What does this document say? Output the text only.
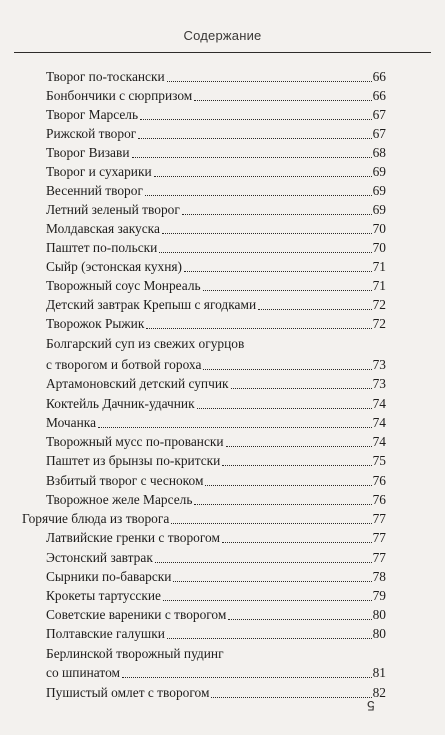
Содержание
Творог по-тоскански	66
Бонбончики с сюрпризом	66
Творог Марсель	67
Рижской творог	67
Творог Визави	68
Творог и сухарики	69
Весенний творог	69
Летний зеленый творог	69
Молдавская закуска	70
Паштет по-польски	70
Сыйр (эстонская кухня)	71
Творожный соус Монреаль	71
Детский завтрак Крепыш с ягодками	72
Творожок Рыжик	72
Болгарский суп из свежих огурцов
с творогом и ботвой гороха	73
Артамоновский детский супчик	73
Коктейль Дачник-удачник	74
Мочанка	74
Творожный мусс по-провански	74
Паштет из брынзы по-критски	75
Взбитый творог с чесноком	76
Творожное желе Марсель	76
Горячие блюда из творога	77
Латвийские гренки с творогом	77
Эстонский завтрак	77
Сырники по-баварски	78
Крокеты тартусские	79
Советские вареники с творогом	80
Полтавские галушки	80
Берлинской творожный пудинг
со шпинатом	81
Пушистый омлет с творогом	82
5
